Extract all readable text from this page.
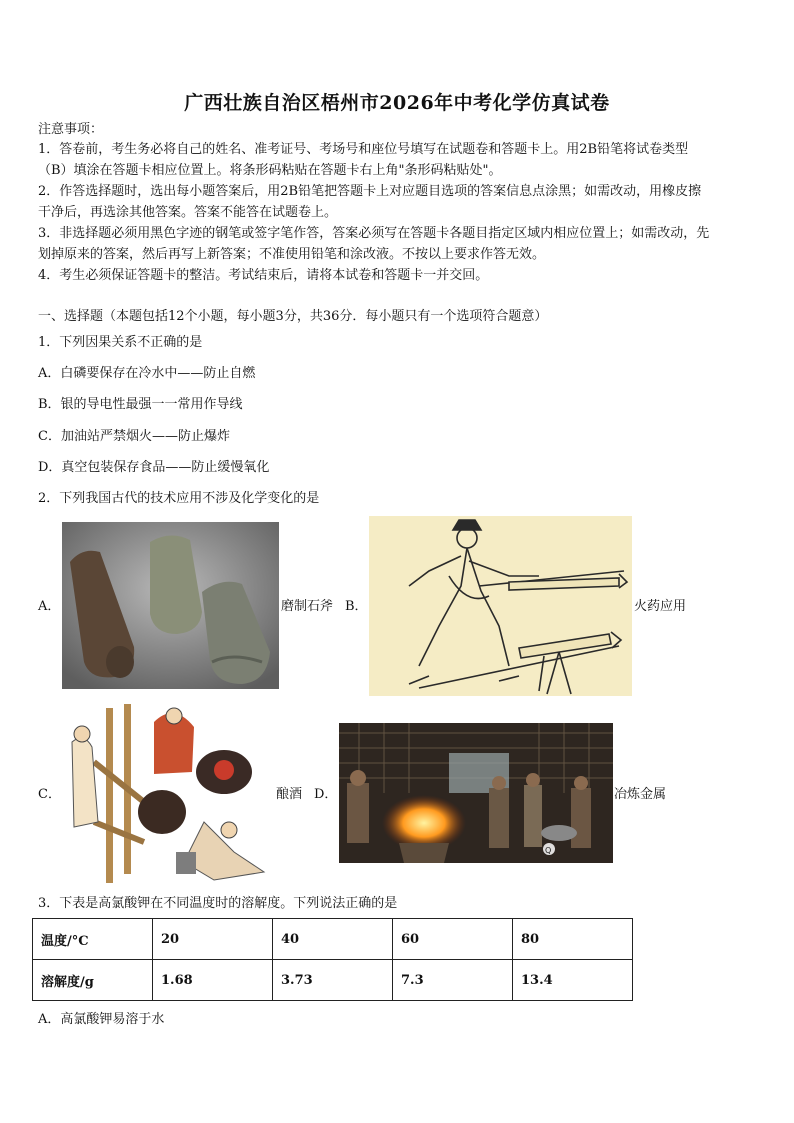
广西壮族自治区梧州市2026年中考化学仿真试卷
注意事项：
1．答卷前，考生务必将自己的姓名、准考证号、考场号和座位号填写在试题卷和答题卡上。用2B铅笔将试卷类型
（B）填涂在答题卡相应位置上。将条形码粘贴在答题卡右上角"条形码粘贴处"。
2．作答选择题时，选出每小题答案后，用2B铅笔把答题卡上对应题目选项的答案信息点涂黑；如需改动，用橡皮擦
干净后，再选涂其他答案。答案不能答在试题卷上。
3．非选择题必须用黑色字迹的钢笔或签字笔作答，答案必须写在答题卡各题目指定区域内相应位置上；如需改动，先
划掉原来的答案，然后再写上新答案；不准使用铅笔和涂改液。不按以上要求作答无效。
4．考生必须保证答题卡的整洁。考试结束后，请将本试卷和答题卡一并交回。
一、选择题（本题包括12个小题，每小题3分，共36分．每小题只有一个选项符合题意）
1．下列因果关系不正确的是
A．白磷要保存在冷水中——防止自燃
B．银的导电性最强一一常用作导线
C．加油站严禁烟火——防止爆炸
D．真空包装保存食品——防止缓慢氧化
2．下列我国古代的技术应用不涉及化学变化的是
A．	磨制石斧 B．	火药应用
C．	酿酒 D．
Q
冶炼金属
3．下表是高氯酸钾在不同温度时的溶解度。下列说法正确的是
温度/°C	20	40	60	80
溶解度/g	1.68	3.73	7.3	13.4
A．高氯酸钾易溶于水
